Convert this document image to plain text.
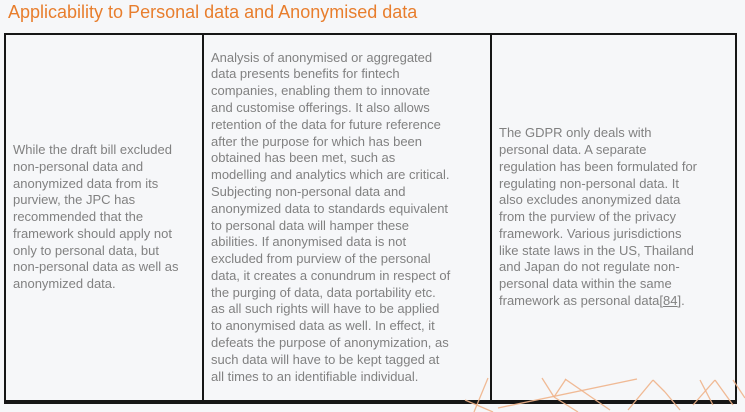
Applicability to Personal data and Anonymised data

While the draft bill excluded non-personal data and anonymized data from its purview, the JPC has recommended that the framework should apply not only to personal data, but non-personal data as well as anonymized data.

Analysis of anonymised or aggregated data presents benefits for fintech companies, enabling them to innovate and customise offerings. It also allows retention of the data for future reference after the purpose for which has been obtained has been met, such as modelling and analytics which are critical. Subjecting non-personal data and anonymized data to standards equivalent to personal data will hamper these abilities. If anonymised data is not excluded from purview of the personal data, it creates a conundrum in respect of the purging of data, data portability etc. as all such rights will have to be applied to anonymised data as well. In effect, it defeats the purpose of anonymization, as such data will have to be kept tagged at all times to an identifiable individual.

The GDPR only deals with personal data. A separate regulation has been formulated for regulating non-personal data. It also excludes anonymized data from the purview of the privacy framework. Various jurisdictions like state laws in the US, Thailand and Japan do not regulate non-personal data within the same framework as personal data[84].
